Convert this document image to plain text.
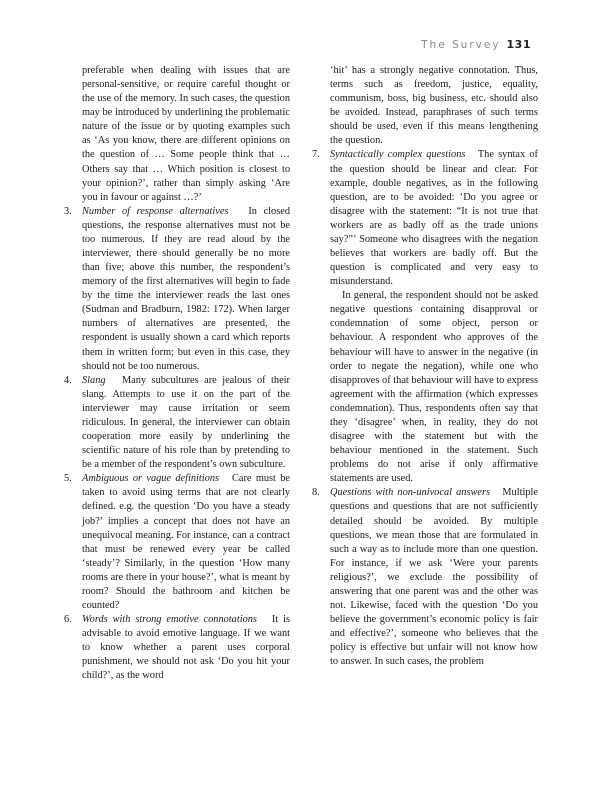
The Survey 131

preferable when dealing with issues that are personal-sensitive, or require careful thought or the use of the memory. In such cases, the question may be introduced by underlining the problematic nature of the issue or by quoting examples such as ‘As you know, there are different opinions on the question of … Some people think that … Others say that … Which position is closest to your opinion?’, rather than simply asking ‘Are you in favour or against …?’

3. Number of response alternatives In closed questions, the response alternatives must not be too numerous. If they are read aloud by the interviewer, there should generally be no more than five; above this number, the respondent’s memory of the first alternatives will begin to fade by the time the interviewer reads the last ones (Sudman and Bradburn, 1982: 172). When larger numbers of alternatives are presented, the respondent is usually shown a card which reports them in written form; but even in this case, they should not be too numerous.

4. Slang Many subcultures are jealous of their slang. Attempts to use it on the part of the interviewer may cause irritation or seem ridiculous. In general, the interviewer can obtain cooperation more easily by underlining the scientific nature of his role than by pretending to be a member of the respondent’s own subculture.

5. Ambiguous or vague definitions Care must be taken to avoid using terms that are not clearly defined. e.g. the question ‘Do you have a steady job?’ implies a concept that does not have an unequivocal meaning. For instance, can a contract that must be renewed every year be called ‘steady’? Similarly, in the question ‘How many rooms are there in your house?’, what is meant by room? Should the bathroom and kitchen be counted?

6. Words with strong emotive connotations It is advisable to avoid emotive language. If we want to know whether a parent uses corporal punishment, we should not ask ‘Do you hit your child?’, as the word

‘hit’ has a strongly negative connotation. Thus, terms such as freedom, justice, equality, communism, boss, big business, etc. should also be avoided. Instead, paraphrases of such terms should be used, even if this means lengthening the question.

7. Syntactically complex questions The syntax of the question should be linear and clear. For example, double negatives, as in the following question, are to be avoided: ‘Do you agree or disagree with the statement: “It is not true that workers are as badly off as the trade unions say?”’ Someone who disagrees with the negation believes that workers are badly off. But the question is complicated and very easy to misunderstand.

In general, the respondent should not be asked negative questions containing disapproval or condemnation of some object, person or behaviour. A respondent who approves of the behaviour will have to answer in the negative (in order to negate the negation), while one who disapproves of that behaviour will have to express agreement with the affirmation (which expresses condemnation). Thus, respondents often say that they ‘disagree’ when, in reality, they do not disagree with the statement but with the behaviour mentioned in the statement. Such problems do not arise if only affirmative statements are used.

8. Questions with non-univocal answers Multiple questions and questions that are not sufficiently detailed should be avoided. By multiple questions, we mean those that are formulated in such a way as to include more than one question. For instance, if we ask ‘Were your parents religious?’, we exclude the possibility of answering that one parent was and the other was not. Likewise, faced with the question ‘Do you believe the government’s economic policy is fair and effective?’, someone who believes that the policy is effective but unfair will not know how to answer. In such cases, the problem
